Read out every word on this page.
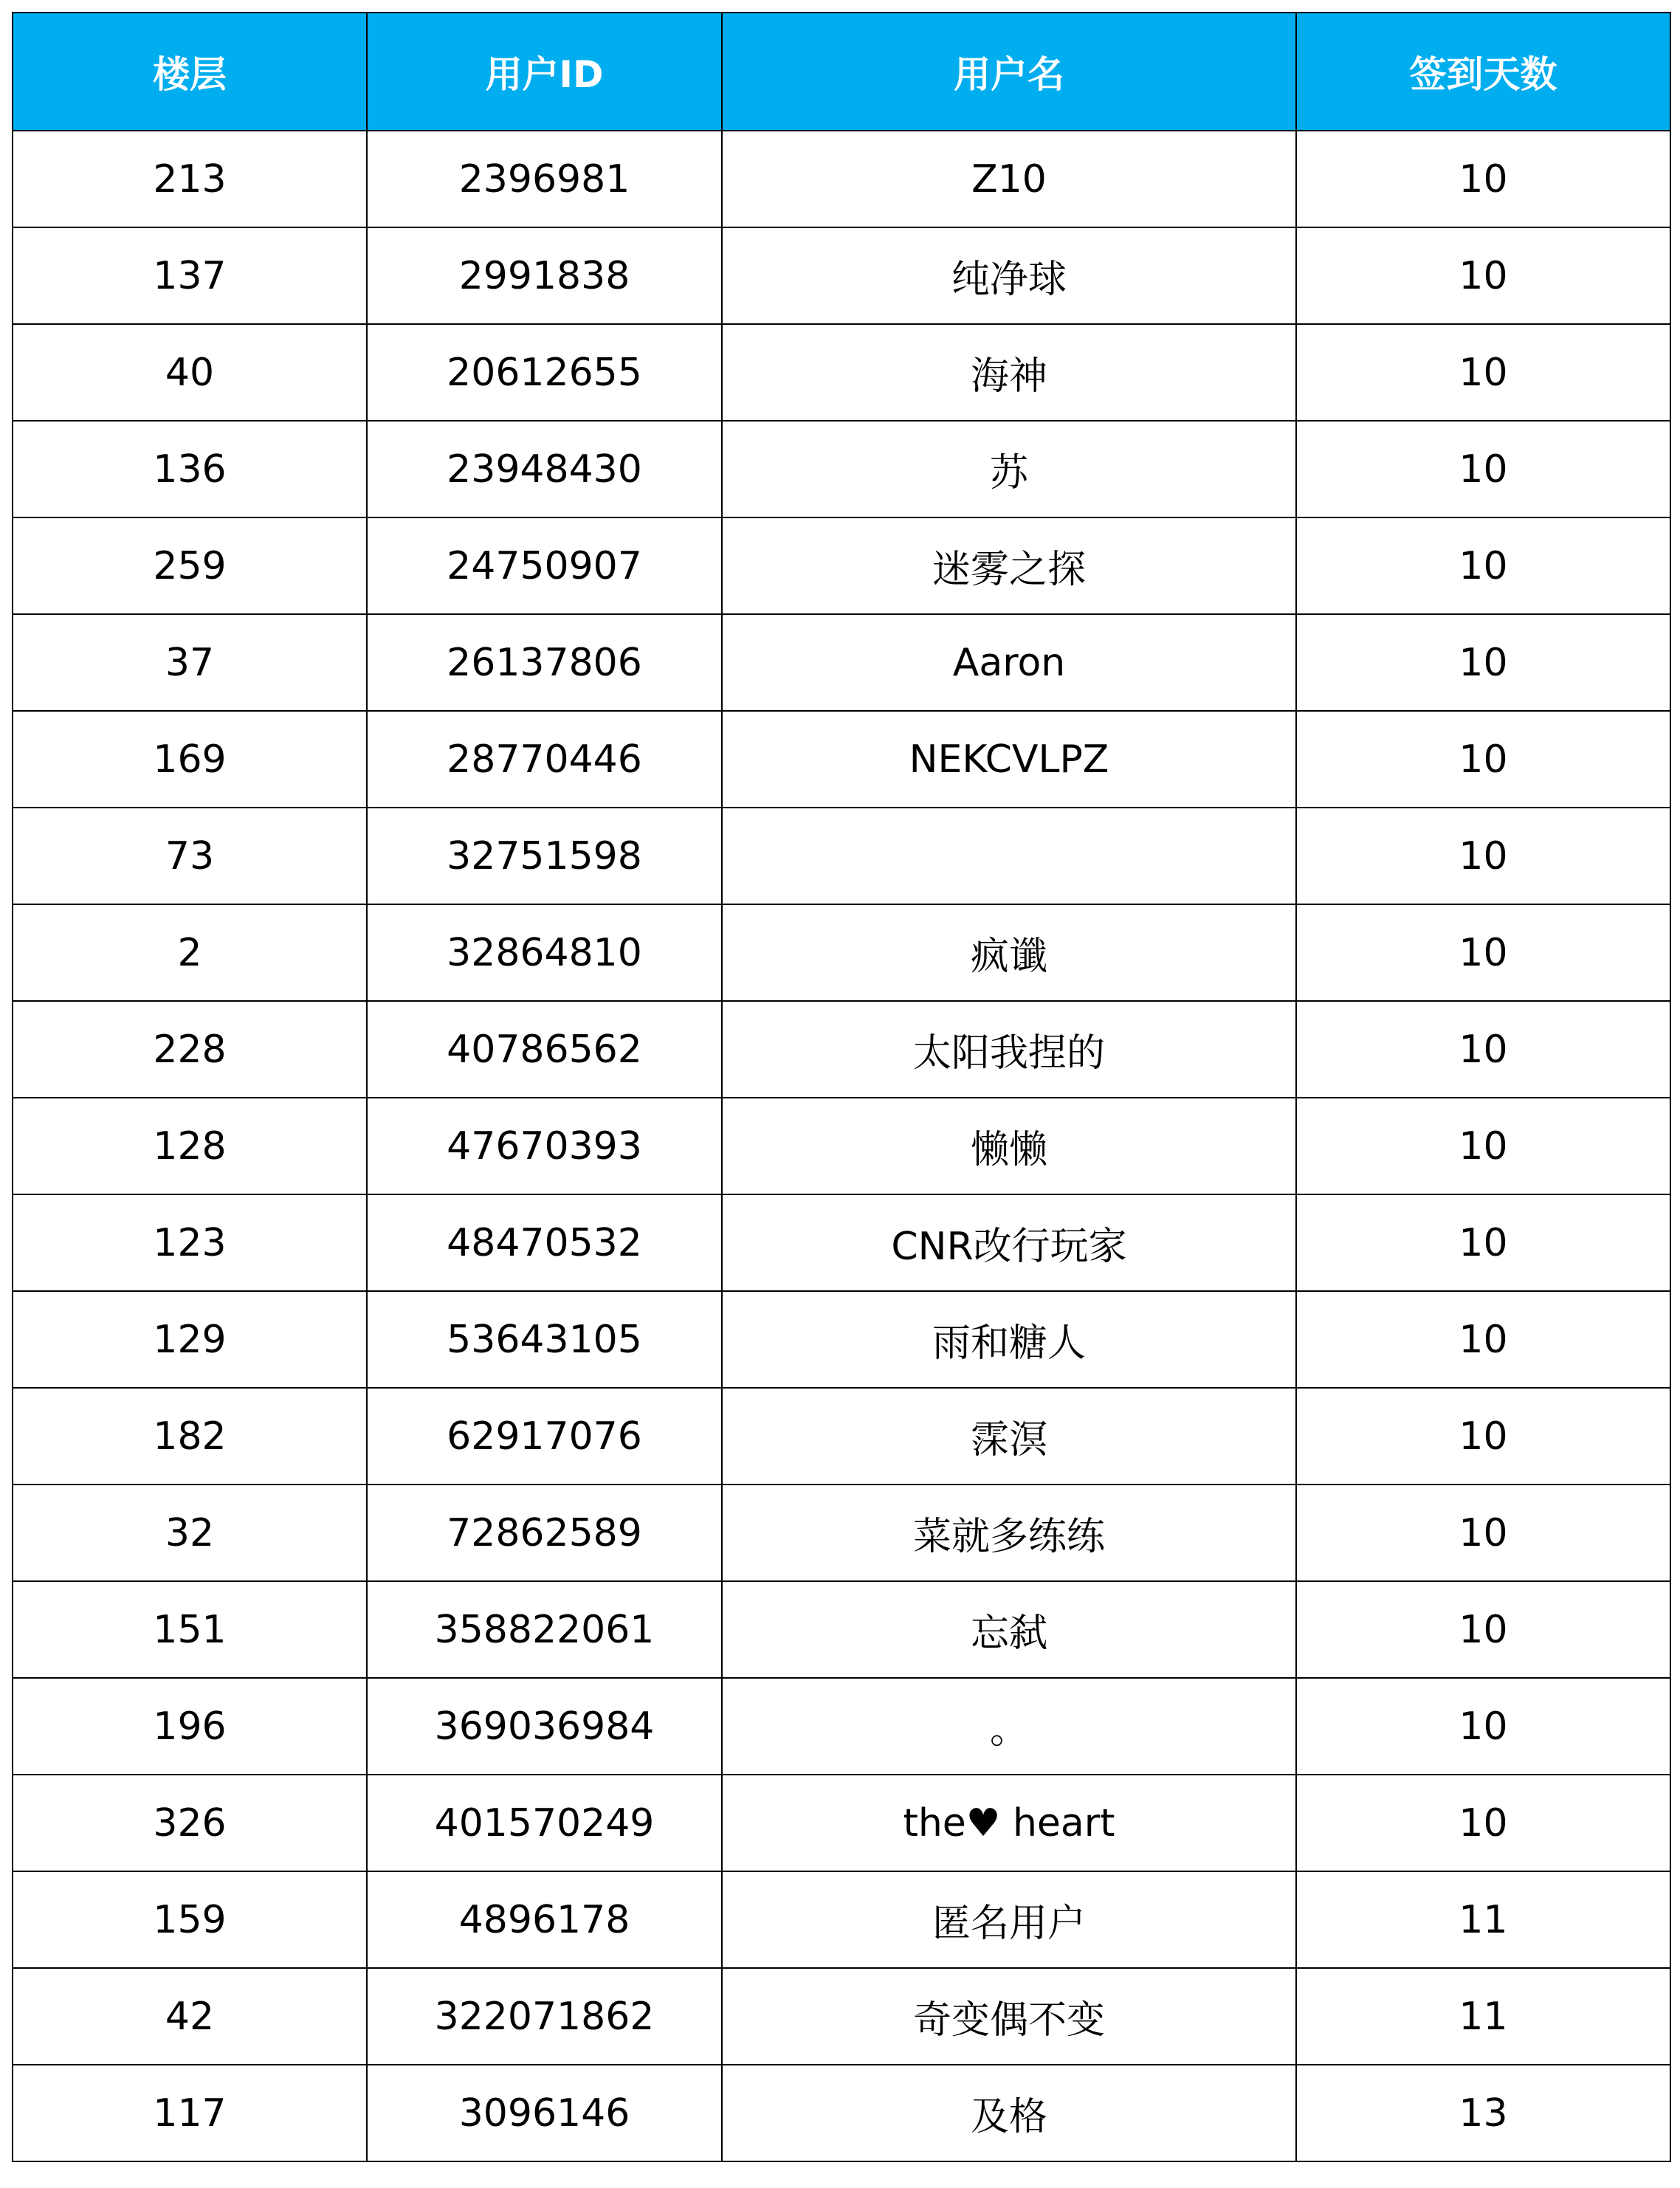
楼层	用户ID	用户名	签到天数
213	2396981	Z10	10
137	2991838	纯净球	10
40	20612655	海神	10
136	23948430	苏	10
259	24750907	迷雾之探	10
37	26137806	Aaron	10
169	28770446	NEKCVLPZ	10
73	32751598		10
2	32864810	疯谶	10
228	40786562	太阳我捏的	10
128	47670393	懒懒	10
123	48470532	CNR改行玩家	10
129	53643105	雨和糖人	10
182	62917076	霂溟	10
32	72862589	菜就多练练	10
151	358822061	忘弑	10
196	369036984	。	10
326	401570249	the♥ heart	10
159	4896178	匿名用户	11
42	322071862	奇变偶不变	11
117	3096146	及格	13
